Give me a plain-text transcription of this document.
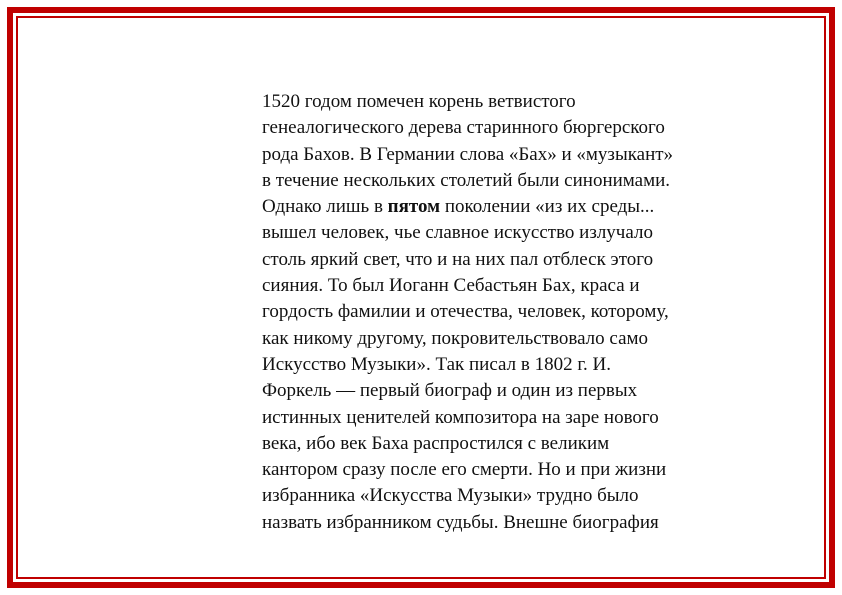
1520 годом помечен корень ветвистого
генеалогического дерева старинного бюргерского
рода Бахов. В Германии слова «Бах» и «музыкант»
в течение нескольких столетий были синонимами.
Однако лишь в пятом поколении «из их среды...
вышел человек, чье славное искусство излучало
столь яркий свет, что и на них пал отблеск этого
сияния. То был Иоганн Себастьян Бах, краса и
гордость фамилии и отечества, человек, которому,
как никому другому, покровительствовало само
Искусство Музыки». Так писал в 1802 г. И.
Форкель — первый биограф и один из первых
истинных ценителей композитора на заре нового
века, ибо век Баха распростился с великим
кантором сразу после его смерти. Но и при жизни
избранника «Искусства Музыки» трудно было
назвать избранником судьбы. Внешне биография
